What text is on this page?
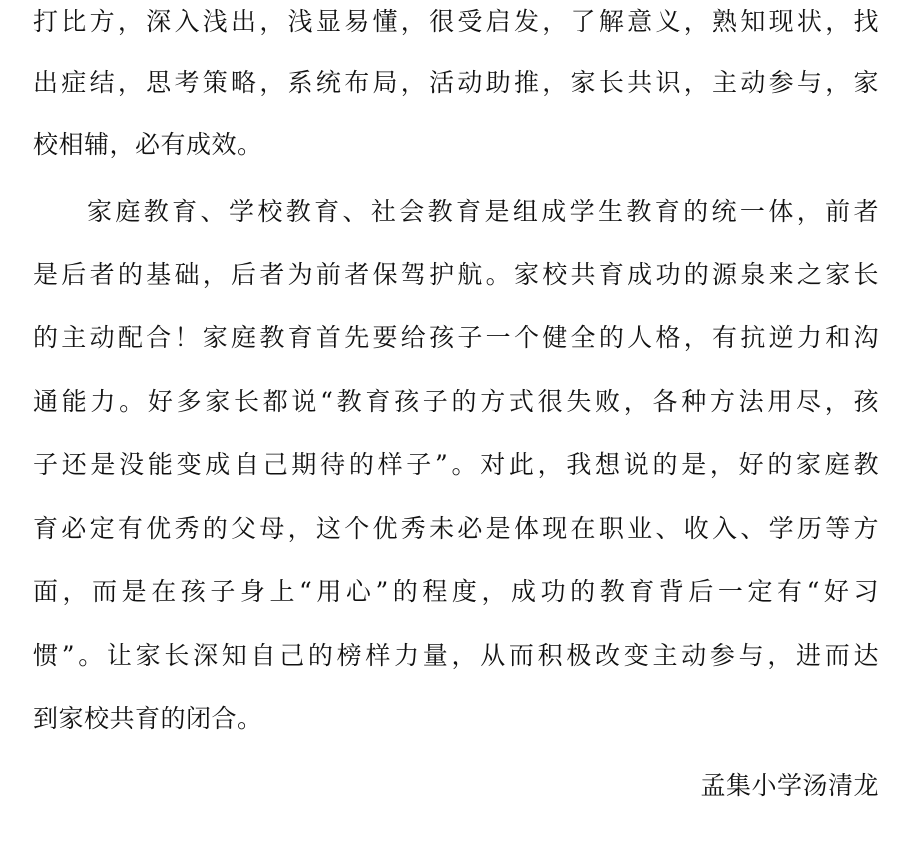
打比方，深入浅出，浅显易懂，很受启发，了解意义，熟知现状，找
出症结，思考策略，系统布局，活动助推，家长共识，主动参与，家
校相辅，必有成效。
家庭教育、学校教育、社会教育是组成学生教育的统一体，前者
是后者的基础，后者为前者保驾护航。家校共育成功的源泉来之家长
的主动配合！家庭教育首先要给孩子一个健全的人格，有抗逆力和沟
通能力。好多家长都说“教育孩子的方式很失败，各种方法用尽，孩
子还是没能变成自己期待的样子”。对此，我想说的是，好的家庭教
育必定有优秀的父母，这个优秀未必是体现在职业、收入、学历等方
面，而是在孩子身上“用心”的程度，成功的教育背后一定有“好习
惯”。让家长深知自己的榜样力量，从而积极改变主动参与，进而达
到家校共育的闭合。
孟集小学汤清龙
